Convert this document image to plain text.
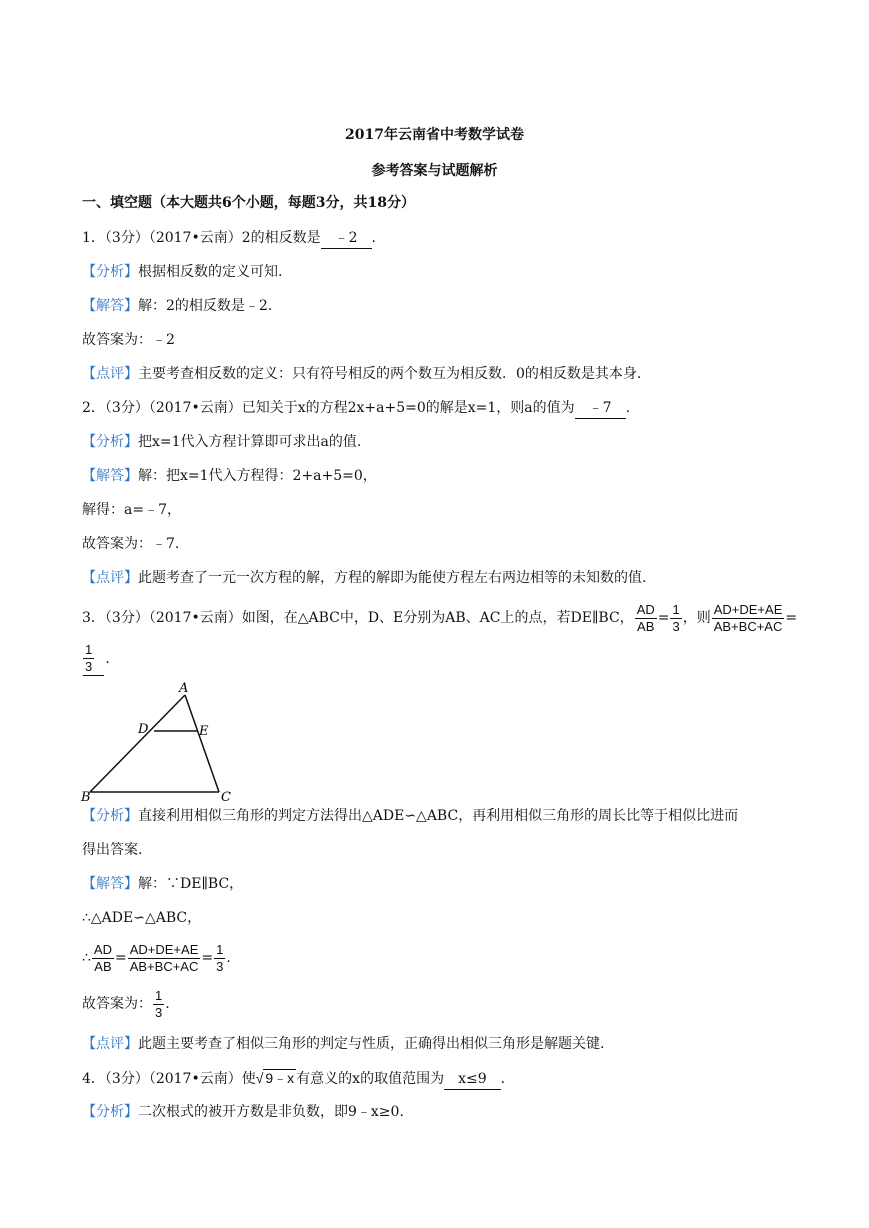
2017年云南省中考数学试卷
参考答案与试题解析
一、填空题（本大题共6个小题，每题3分，共18分）
1．（3分）（2017•云南）2的相反数是 ﹣2 .
【分析】根据相反数的定义可知.
【解答】解：2的相反数是﹣2.
故答案为：﹣2
【点评】主要考查相反数的定义：只有符号相反的两个数互为相反数．0的相反数是其本身.
2．（3分）（2017•云南）已知关于x的方程2x+a+5=0的解是x=1，则a的值为 ﹣7 .
【分析】把x=1代入方程计算即可求出a的值.
【解答】解：把x=1代入方程得：2+a+5=0，
解得：a=﹣7，
故答案为：﹣7.
【点评】此题考查了一元一次方程的解，方程的解即为能使方程左右两边相等的未知数的值.
3．（3分）（2017•云南）如图，在△ABC中，D、E分别为AB、AC上的点，若DE∥BC， $\frac{AD}{AB} = \frac{1}{3}$ ，则 $\frac{AD+DE+AE}{AB+BC+AC}$ =
$\frac{1}{3}$ .
A
D	E
B	C
【分析】直接利用相似三角形的判定方法得出△ADE∽△ABC，再利用相似三角形的周长比等于相似比进而
得出答案.
【解答】解：∵DE∥BC，
∴△ADE∽△ABC，
∴ $\frac{AD}{AB} = \frac{AD+DE+AE}{AB+BC+AC} = \frac{1}{3}$ .
故答案为： $\frac{1}{3}$ .
【点评】此题主要考查了相似三角形的判定与性质，正确得出相似三角形是解题关键.
4．（3分）（2017•云南）使√ 9﹣x 有意义的x的取值范围为 x≤9 .
【分析】二次根式的被开方数是非负数，即9﹣x≥0.
